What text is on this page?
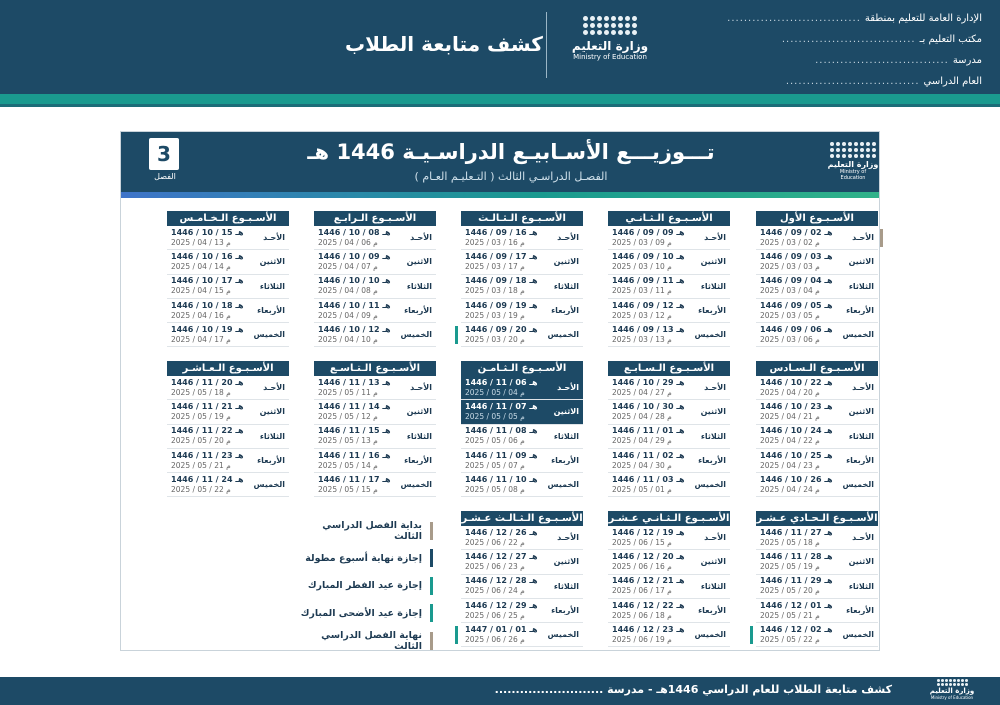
الإدارة العامة للتعليم بمنطقة
................................
مكتب التعليم بـ
................................
مدرسة
................................
العام الدراسي
................................
وزارة التعليم
Ministry of Education
كشف متابعة الطلاب
3
الفصل
تـــوزيـــع الأسـابيـع الدراسـيـة 1446 هـ
الفصـل الدراسـي الثالث ( التـعليـم العـام )
وزارة التعليم
Ministry of Education
الأسـبـوع الأول
الأحـد
1446 / 09 / 02 هـ
2025 / 03 / 02 م
الاثنين
1446 / 09 / 03 هـ
2025 / 03 / 03 م
الثلاثاء
1446 / 09 / 04 هـ
2025 / 03 / 04 م
الأربعاء
1446 / 09 / 05 هـ
2025 / 03 / 05 م
الخميس
1446 / 09 / 06 هـ
2025 / 03 / 06 م
الأسـبـوع الـثـانـي
الأحـد
1446 / 09 / 09 هـ
2025 / 03 / 09 م
الاثنين
1446 / 09 / 10 هـ
2025 / 03 / 10 م
الثلاثاء
1446 / 09 / 11 هـ
2025 / 03 / 11 م
الأربعاء
1446 / 09 / 12 هـ
2025 / 03 / 12 م
الخميس
1446 / 09 / 13 هـ
2025 / 03 / 13 م
الأسـبـوع الـثـالـث
الأحـد
1446 / 09 / 16 هـ
2025 / 03 / 16 م
الاثنين
1446 / 09 / 17 هـ
2025 / 03 / 17 م
الثلاثاء
1446 / 09 / 18 هـ
2025 / 03 / 18 م
الأربعاء
1446 / 09 / 19 هـ
2025 / 03 / 19 م
الخميس
1446 / 09 / 20 هـ
2025 / 03 / 20 م
الأسـبـوع الـرابـع
الأحـد
1446 / 10 / 08 هـ
2025 / 04 / 06 م
الاثنين
1446 / 10 / 09 هـ
2025 / 04 / 07 م
الثلاثاء
1446 / 10 / 10 هـ
2025 / 04 / 08 م
الأربعاء
1446 / 10 / 11 هـ
2025 / 04 / 09 م
الخميس
1446 / 10 / 12 هـ
2025 / 04 / 10 م
الأسـبـوع الـخـامـس
الأحـد
1446 / 10 / 15 هـ
2025 / 04 / 13 م
الاثنين
1446 / 10 / 16 هـ
2025 / 04 / 14 م
الثلاثاء
1446 / 10 / 17 هـ
2025 / 04 / 15 م
الأربعاء
1446 / 10 / 18 هـ
2025 / 04 / 16 م
الخميس
1446 / 10 / 19 هـ
2025 / 04 / 17 م
الأسـبـوع الـسـادس
الأحـد
1446 / 10 / 22 هـ
2025 / 04 / 20 م
الاثنين
1446 / 10 / 23 هـ
2025 / 04 / 21 م
الثلاثاء
1446 / 10 / 24 هـ
2025 / 04 / 22 م
الأربعاء
1446 / 10 / 25 هـ
2025 / 04 / 23 م
الخميس
1446 / 10 / 26 هـ
2025 / 04 / 24 م
الأسـبـوع الـسـابـع
الأحـد
1446 / 10 / 29 هـ
2025 / 04 / 27 م
الاثنين
1446 / 10 / 30 هـ
2025 / 04 / 28 م
الثلاثاء
1446 / 11 / 01 هـ
2025 / 04 / 29 م
الأربعاء
1446 / 11 / 02 هـ
2025 / 04 / 30 م
الخميس
1446 / 11 / 03 هـ
2025 / 05 / 01 م
الأسـبـوع الـثـامـن
الأحـد
1446 / 11 / 06 هـ
2025 / 05 / 04 م
الاثنين
1446 / 11 / 07 هـ
2025 / 05 / 05 م
الثلاثاء
1446 / 11 / 08 هـ
2025 / 05 / 06 م
الأربعاء
1446 / 11 / 09 هـ
2025 / 05 / 07 م
الخميس
1446 / 11 / 10 هـ
2025 / 05 / 08 م
الأسـبـوع الـتـاسـع
الأحـد
1446 / 11 / 13 هـ
2025 / 05 / 11 م
الاثنين
1446 / 11 / 14 هـ
2025 / 05 / 12 م
الثلاثاء
1446 / 11 / 15 هـ
2025 / 05 / 13 م
الأربعاء
1446 / 11 / 16 هـ
2025 / 05 / 14 م
الخميس
1446 / 11 / 17 هـ
2025 / 05 / 15 م
الأسـبـوع الـعـاشـر
الأحـد
1446 / 11 / 20 هـ
2025 / 05 / 18 م
الاثنين
1446 / 11 / 21 هـ
2025 / 05 / 19 م
الثلاثاء
1446 / 11 / 22 هـ
2025 / 05 / 20 م
الأربعاء
1446 / 11 / 23 هـ
2025 / 05 / 21 م
الخميس
1446 / 11 / 24 هـ
2025 / 05 / 22 م
الأسـبـوع الـحـادي عـشـر
الأحـد
1446 / 11 / 27 هـ
2025 / 05 / 18 م
الاثنين
1446 / 11 / 28 هـ
2025 / 05 / 19 م
الثلاثاء
1446 / 11 / 29 هـ
2025 / 05 / 20 م
الأربعاء
1446 / 12 / 01 هـ
2025 / 05 / 21 م
الخميس
1446 / 12 / 02 هـ
2025 / 05 / 22 م
الأسـبـوع الـثـانـي عـشـر
الأحـد
1446 / 12 / 19 هـ
2025 / 06 / 15 م
الاثنين
1446 / 12 / 20 هـ
2025 / 06 / 16 م
الثلاثاء
1446 / 12 / 21 هـ
2025 / 06 / 17 م
الأربعاء
1446 / 12 / 22 هـ
2025 / 06 / 18 م
الخميس
1446 / 12 / 23 هـ
2025 / 06 / 19 م
الأسـبـوع الـثـالـث عـشـر
الأحـد
1446 / 12 / 26 هـ
2025 / 06 / 22 م
الاثنين
1446 / 12 / 27 هـ
2025 / 06 / 23 م
الثلاثاء
1446 / 12 / 28 هـ
2025 / 06 / 24 م
الأربعاء
1446 / 12 / 29 هـ
2025 / 06 / 25 م
الخميس
1447 / 01 / 01 هـ
2025 / 06 / 26 م
بداية الفصل الدراسي الثالث
إجازة نهاية أسبوع مطولة
إجازة عيد الفطر المبارك
إجازة عيد الأضحى المبارك
نهاية الفصل الدراسي الثالث
كشف متابعة الطلاب للعام الدراسي 1446هـ - مدرسة ..........................	وزارة التعليم
Ministry of Education
